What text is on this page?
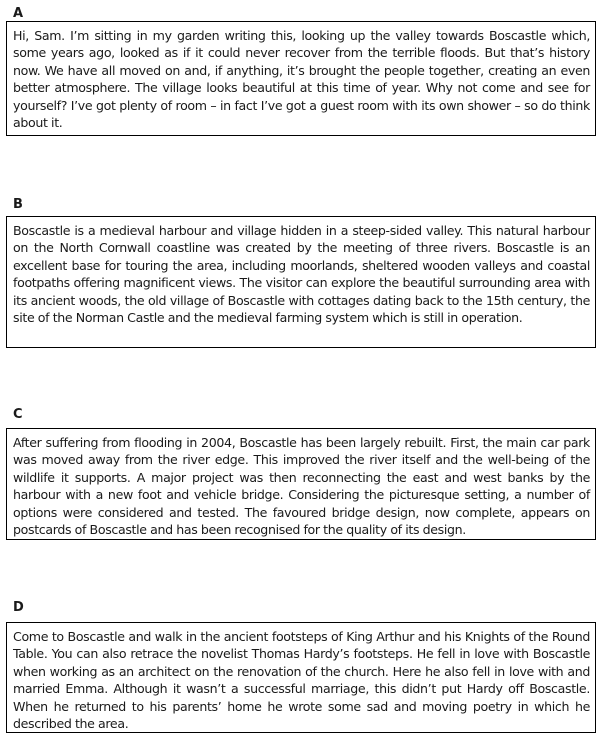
A

Hi, Sam. I’m sitting in my garden writing this, looking up the valley towards Boscastle which, some years ago, looked as if it could never recover from the terrible floods. But that’s history now. We have all moved on and, if anything, it’s brought the people together, creating an even better atmosphere. The village looks beautiful at this time of year. Why not come and see for yourself? I’ve got plenty of room – in fact I’ve got a guest room with its own shower – so do think about it.

B

Boscastle is a medieval harbour and village hidden in a steep-sided valley. This natural harbour on the North Cornwall coastline was created by the meeting of three rivers. Boscastle is an excellent base for touring the area, including moorlands, sheltered wooden valleys and coastal footpaths offering magnificent views. The visitor can explore the beautiful surrounding area with its ancient woods, the old village of Boscastle with cottages dating back to the 15th century, the site of the Norman Castle and the medieval farming system which is still in operation.

C

After suffering from flooding in 2004, Boscastle has been largely rebuilt. First, the main car park was moved away from the river edge. This improved the river itself and the well-being of the wildlife it supports. A major project was then reconnecting the east and west banks by the harbour with a new foot and vehicle bridge. Considering the picturesque setting, a number of options were considered and tested. The favoured bridge design, now complete, appears on postcards of Boscastle and has been recognised for the quality of its design.

D

Come to Boscastle and walk in the ancient footsteps of King Arthur and his Knights of the Round Table. You can also retrace the novelist Thomas Hardy’s footsteps. He fell in love with Boscastle when working as an architect on the renovation of the church. Here he also fell in love with and married Emma. Although it wasn’t a successful marriage, this didn’t put Hardy off Boscastle. When he returned to his parents’ home he wrote some sad and moving poetry in which he described the area.
